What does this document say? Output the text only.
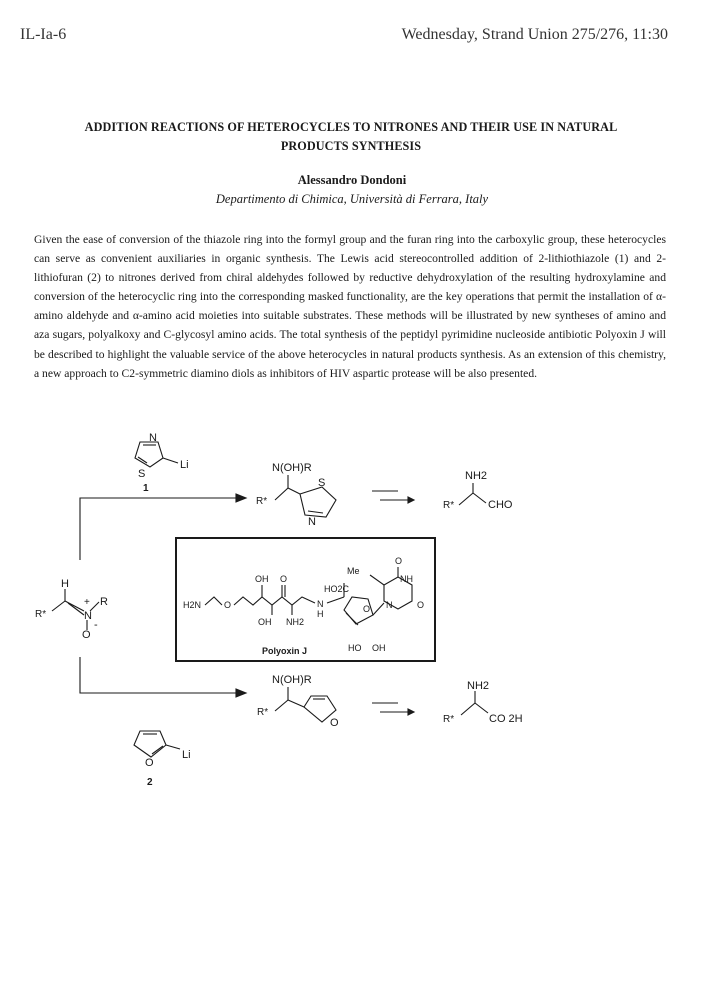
IL-Ia-6	Wednesday, Strand Union 275/276, 11:30
ADDITION REACTIONS OF HETEROCYCLES TO NITRONES AND THEIR USE IN NATURAL
PRODUCTS SYNTHESIS
Alessandro Dondoni
Departimento di Chimica, Università di Ferrara, Italy
Given the ease of conversion of the thiazole ring into the formyl group and the furan ring into the carboxylic group, these heterocycles can serve as convenient auxiliaries in organic synthesis. The Lewis acid stereocontrolled addition of 2-lithiothiazole (1) and 2-lithiofuran (2) to nitrones derived from chiral aldehydes followed by reductive dehydroxylation of the resulting hydroxylamine and conversion of the heterocyclic ring into the corresponding masked functionality, are the key operations that permit the installation of α-amino aldehyde and α-amino acid moieties into suitable substrates. These methods will be illustrated by new syntheses of amino and aza sugars, polyalkoxy and C-glycosyl amino acids. The total synthesis of the peptidyl pyrimidine nucleoside antibiotic Polyoxin J will be described to highlight the valuable service of the above heterocycles in natural products synthesis. As an extension of this chemistry, a new approach to C2-symmetric diamino diols as inhibitors of HIV aspartic protease will be also presented.
N
S
Li
1
O
Li
2
H
R*
R
N
+
O
-
N(OH)R
R*
S
N
NH2
R*	CHO
N(OH)R
R*
O
NH2
R*	CO 2H
H2N	O
OH O
OH NH2
N
H
HO2C
O
Me
O
NH
N	O
HO OH
Polyoxin J
